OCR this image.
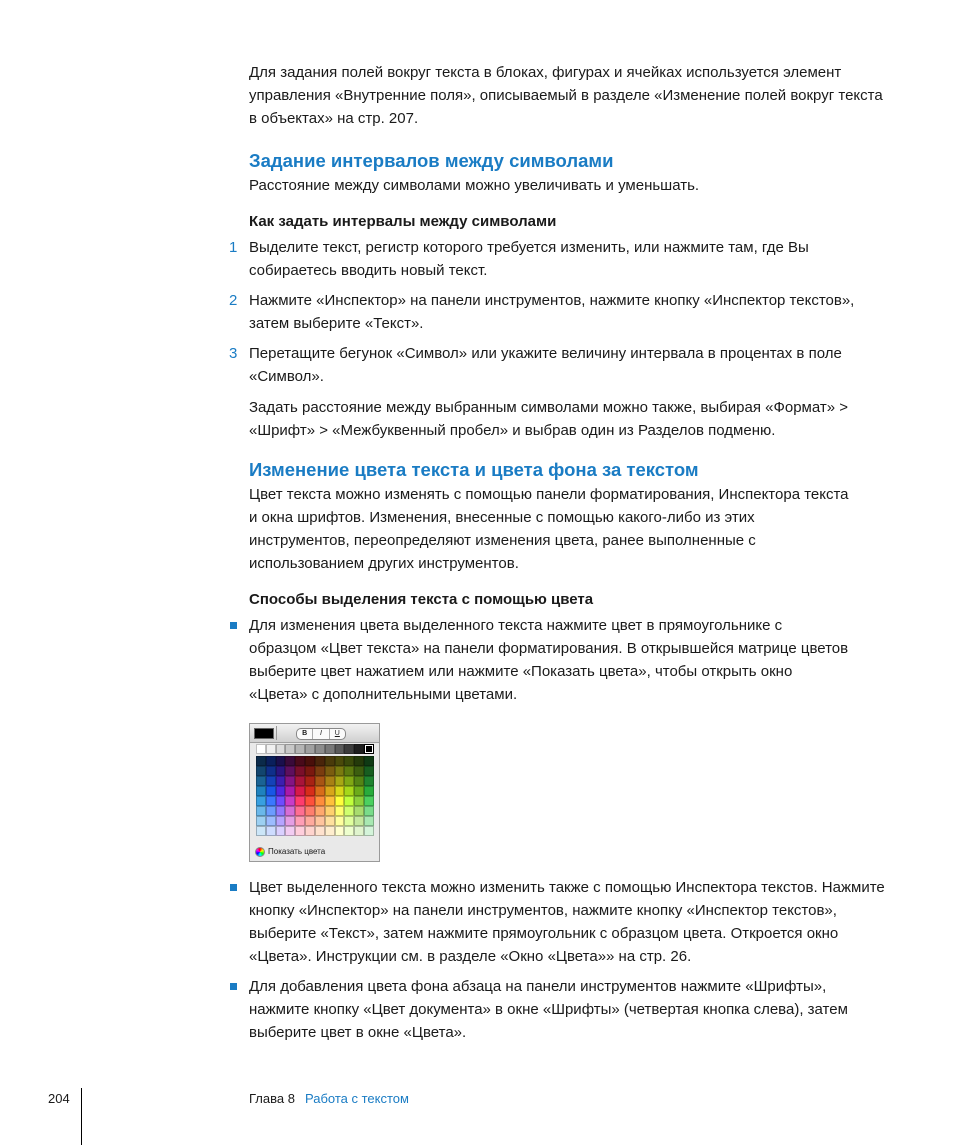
Для задания полей вокруг текста в блоках, фигурах и ячейках используется элемент управления «Внутренние поля», описываемый в разделе «Изменение полей вокруг текста в объектах» на стр. 207.

Задание интервалов между символами

Расстояние между символами можно увеличивать и уменьшать.

Как задать интервалы между символами
1 Выделите текст, регистр которого требуется изменить, или нажмите там, где Вы собираетесь вводить новый текст.

2 Нажмите «Инспектор» на панели инструментов, нажмите кнопку «Инспектор текстов», затем выберите «Текст».

3 Перетащите бегунок «Символ» или укажите величину интервала в процентах в поле «Символ».

Задать расстояние между выбранным символами можно также, выбирая «Формат» > «Шрифт» > «Межбуквенный пробел» и выбрав один из Разделов подменю.

Изменение цвета текста и цвета фона за текстом

Цвет текста можно изменять с помощью панели форматирования, Инспектора текста и окна шрифтов. Изменения, внесенные с помощью какого-либо из этих инструментов, переопределяют изменения цвета, ранее выполненные с использованием других инструментов.

Способы выделения текста с помощью цвета

Для изменения цвета выделенного текста нажмите цвет в прямоугольнике с образцом «Цвет текста» на панели форматирования. В открывшейся матрице цветов выберите цвет нажатием или нажмите «Показать цвета», чтобы открыть окно «Цвета» с дополнительными цветами.

B	I	U
Показать цвета

Цвет выделенного текста можно изменить также с помощью Инспектора текстов. Нажмите кнопку «Инспектор» на панели инструментов, нажмите кнопку «Инспектор текстов», выберите «Текст», затем нажмите прямоугольник с образцом цвета. Откроется окно «Цвета». Инструкции см. в разделе «Окно «Цвета»» на стр. 26.

Для добавления цвета фона абзаца на панели инструментов нажмите «Шрифты», нажмите кнопку «Цвет документа» в окне «Шрифты» (четвертая кнопка слева), затем выберите цвет в окне «Цвета».

204	Глава 8 Работа с текстом
